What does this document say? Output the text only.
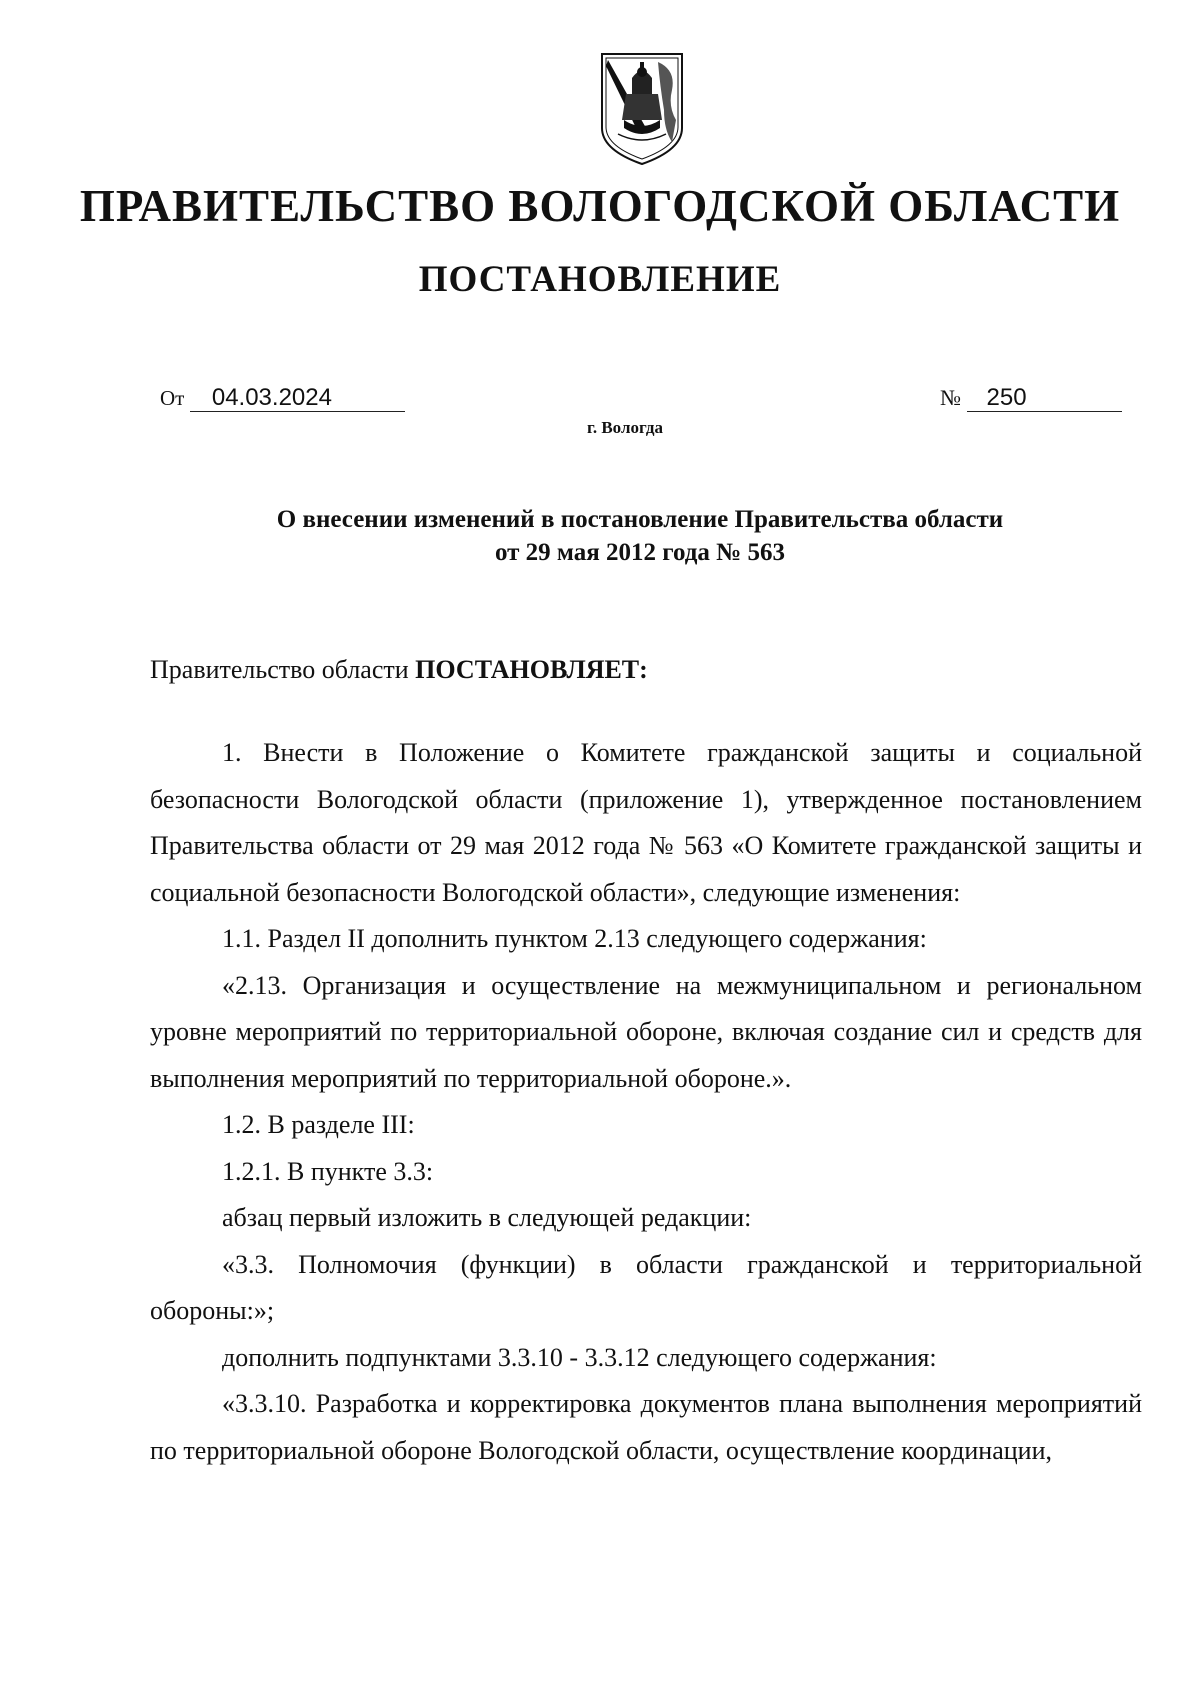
ПРАВИТЕЛЬСТВО ВОЛОГОДСКОЙ ОБЛАСТИ
ПОСТАНОВЛЕНИЕ
От 04.03.2024	№ 250
г. Вологда
О внесении изменений в постановление Правительства области
от 29 мая 2012 года № 563
Правительство области ПОСТАНОВЛЯЕТ:

1. Внести в Положение о Комитете гражданской защиты и социальной безопасности Вологодской области (приложение 1), утвержденное постановлением Правительства области от 29 мая 2012 года № 563 «О Комитете гражданской защиты и социальной безопасности Вологодской области», следующие изменения:

1.1. Раздел II дополнить пунктом 2.13 следующего содержания:

«2.13. Организация и осуществление на межмуниципальном и региональном уровне мероприятий по территориальной обороне, включая создание сил и средств для выполнения мероприятий по территориальной обороне.».

1.2. В разделе III:

1.2.1. В пункте 3.3:

абзац первый изложить в следующей редакции:

«3.3. Полномочия (функции) в области гражданской и территориальной обороны:»;

дополнить подпунктами 3.3.10 - 3.3.12 следующего содержания:

«3.3.10. Разработка и корректировка документов плана выполнения мероприятий по территориальной обороне Вологодской области, осуществление координации,
